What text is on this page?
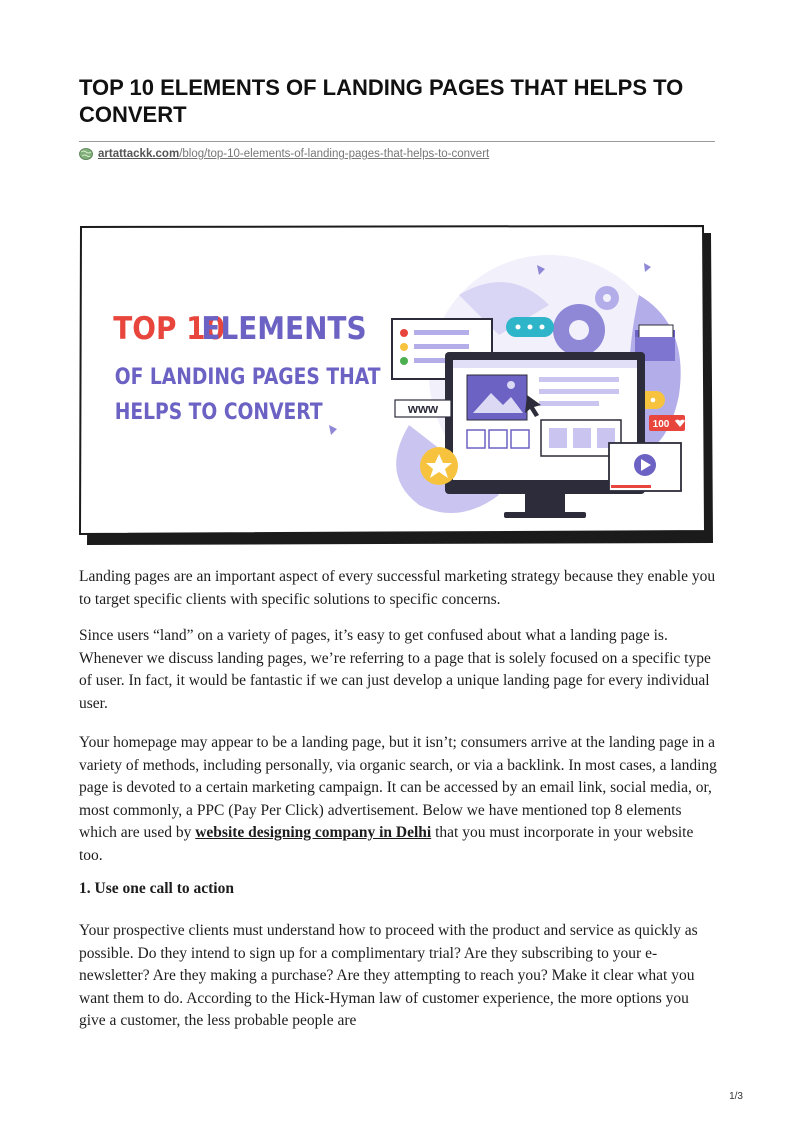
TOP 10 ELEMENTS OF LANDING PAGES THAT HELPS TO CONVERT
artattackk.com/blog/top-10-elements-of-landing-pages-that-helps-to-convert
www
100
TOP 10
ELEMENTS
OF LANDING PAGES THAT
HELPS TO CONVERT

Landing pages are an important aspect of every successful marketing strategy because they enable you to target specific clients with specific solutions to specific concerns.

Since users “land” on a variety of pages, it’s easy to get confused about what a landing page is. Whenever we discuss landing pages, we’re referring to a page that is solely focused on a specific type of user. In fact, it would be fantastic if we can just develop a unique landing page for every individual user.

Your homepage may appear to be a landing page, but it isn’t; consumers arrive at the landing page in a variety of methods, including personally, via organic search, or via a backlink. In most cases, a landing page is devoted to a certain marketing campaign. It can be accessed by an email link, social media, or, most commonly, a PPC (Pay Per Click) advertisement. Below we have mentioned top 8 elements which are used by website designing company in Delhi that you must incorporate in your website too.

1. Use one call to action

Your prospective clients must understand how to proceed with the product and service as quickly as possible. Do they intend to sign up for a complimentary trial? Are they subscribing to your e-newsletter? Are they making a purchase? Are they attempting to reach you? Make it clear what you want them to do. According to the Hick-Hyman law of customer experience, the more options you give a customer, the less probable people are

1/3
